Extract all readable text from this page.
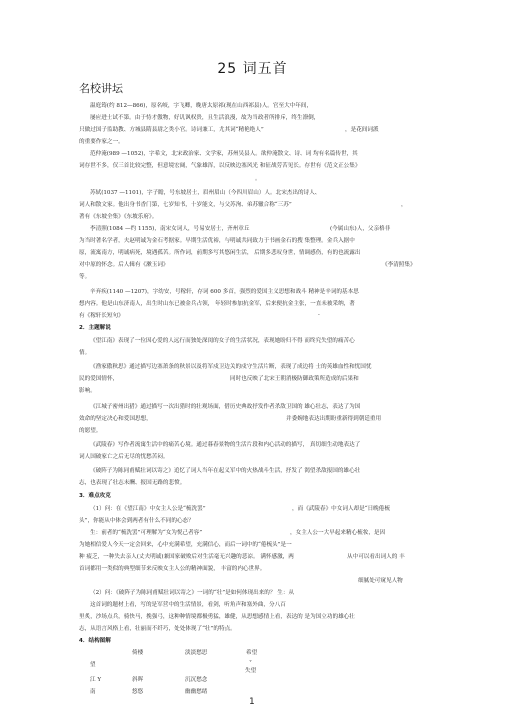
25 词五首
名校讲坛
温庭筠(约 812—866)，原名岐，字飞卿，晚唐太原祁(现在山西祁县)人。官至大中年间，
屡应进士试不第。由于恃才傲物，好讥讽权贵，且生活浪漫，故为当政者所排斥，终生潦倒，
只做过国子监助教、方城县隋县尉之类小官。诗词兼工，尤其词“精艳绝人”	，是花间词派
的重要作家之一。
范仲淹(989 —1052)，字希文，北宋政治家、文学家，苏州吴县人。欲仲淹散文、诗、词 均有名篇传世，其
词存世不多，仅三首比较完整，但意境宏阔，气象雄浑，以反映边塞风光 和征战劳苦见长。存世有《范文正公集》
。
苏轼(1037 —1101)，字子瞻，号东坡居士，眉州眉山（今四川眉山）人。北宋杰出的诗人、
词人和散文家。他出身书香门第，七岁知书，十岁能文，与父苏洵、弟苏辙合称“三苏”	，
著有《东坡全集》《东坡乐府》。
李清照(1084 —约 1155)，南宋女词人，号易安居士，齐州章丘	(今属山东)人，父亲格非
为当时著名学者，夫赵明诚为金石考据家。早期生活优裕，与明诚共同致力于书画金石的搜 集整理。金兵入据中
原，流寓南方，明诚病死，境遇孤苦。所作词，前期多写其悠闲生活， 后期多悲叹身世，情调感伤，有的也流露出
对中原的怀念。后人辑有《漱玉词》	《李清照集》
等。
辛弃疾(1140 —1207)，字幼安，号稼轩，存词 600 多首，强烈的爱国主义思想和战斗 精神是辛词的基本思
想内容。他是山东济南人，出生时山东已被金兵占领， 年轻时参加抗金军，后来便抗金主张，一直未被采纳，著
有《稼轩长短句》	·
2．主题解说
《望江南》表现了一位因心爱的人远行而独处深闺的女子的生活状况，表现她盼归不得 而终究失望的痛苦心
情。
《渔家傲秋思》通过描写边塞萧条的秋景以及将军戍卫边关的戍守生活片断，表现了成边将 士的英雄血性和忧国忧
民的爱国情怀，	同时也反映了北宋王朝消极防御政策所造成的后果和
影响。
《江城子密州出猎》通过描写一次出猎时的壮观场面，借历史典故抒发作者杀敌卫国的 雄心壮志，表达了为国
效命的坚定决心和爱国思想，	并委婉地表达出期盼重新得到朝廷重用
的愿望。
《武陵春》写作者流寓生活中的痛苦心境。通过暮春景物的生活片段和内心活动的描写， 真切细生动地表达了
词人国破家亡之后无尽的忧愁苦闷。
《破阵子为陈同甫赋壮词以寄之》追忆了词人当年在起义军中的火热战斗生活，抒发了 渴望杀敌报国的雄心壮
志，也表现了壮志未酬、报国无路的悲愤。
3．难点攻克
（1）问：在《望江南》中女主人公是“梳洗罢”	，而《武陵春》中女词人却是“日晚倦梳
头”，你能从中体会到两者有什么不同的心态？
生：前者的“梳洗罢”可理解为“女为悦己者容”	，女主人公一大早起来精心梳妆，是因
为她相信爱人今天一定会回来，心中充满希望，充满信心，而后一词中的“倦梳头”是一
种 疲乏，一种失去亲人(丈夫明诚)兼国家破败后对生活毫无兴趣的悲凉。 满怀感激，两	从中可以看出词人的 丰
首词都用一类似的典型细节来反映女主人公的精神面貌， 丰富的内心世界。
细腻处可窥见人物
（2）问：《破阵子为陈同甫赋壮词以寄之》一词的“壮”是如何体现出来的？ 生：从
这首词的题材上看，写的是军营中的生活情景，看剑，听角声和塞外曲，分八百
里炙，沙场点兵，骑快马，挽强弓，这种种情境都极勇猛，雄健，从思想感情上看，表达的 是为国立功的雄心壮
志，从语言风格上看，壮丽而不纤巧，处处体现了“壮”的特点。
4．结构图解
倚楼	淡淡愁思	希望
望	˅
失望
江 Y	斜晖	沉沉愁念
南	悠悠	幽幽愁绪
1
